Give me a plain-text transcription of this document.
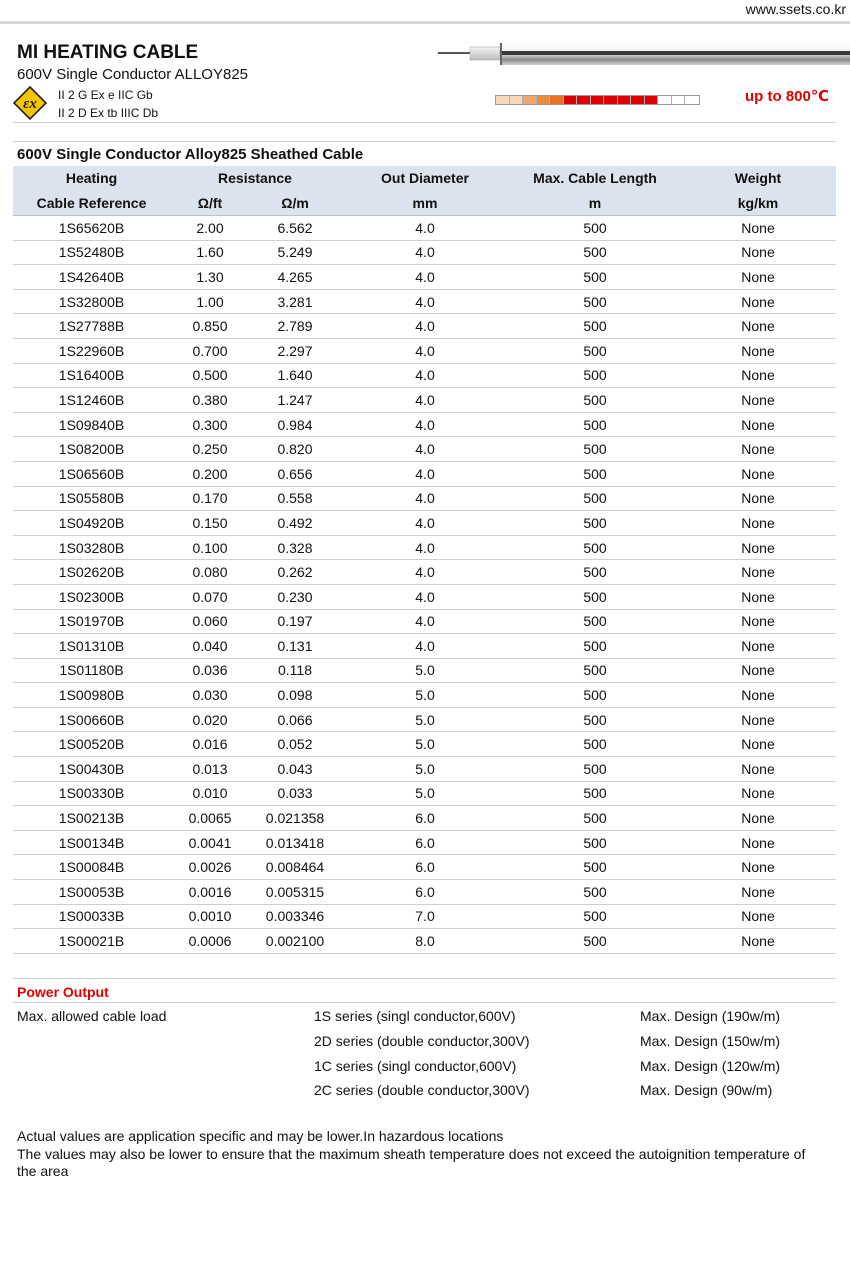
www.ssets.co.kr
MI HEATING CABLE
600V Single Conductor ALLOY825
εx
II 2 G Ex e IIC Gb
II 2 D Ex tb IIIC Db
up to 800℃
600V Single Conductor Alloy825 Sheathed Cable
Heating	Resistance		Out Diameter	Max. Cable Length	Weight
Cable Reference	Ω/ft	Ω/m	mm	m	kg/km
1S65620B	2.00	6.562	4.0	500	None
1S52480B	1.60	5.249	4.0	500	None
1S42640B	1.30	4.265	4.0	500	None
1S32800B	1.00	3.281	4.0	500	None
1S27788B	0.850	2.789	4.0	500	None
1S22960B	0.700	2.297	4.0	500	None
1S16400B	0.500	1.640	4.0	500	None
1S12460B	0.380	1.247	4.0	500	None
1S09840B	0.300	0.984	4.0	500	None
1S08200B	0.250	0.820	4.0	500	None
1S06560B	0.200	0.656	4.0	500	None
1S05580B	0.170	0.558	4.0	500	None
1S04920B	0.150	0.492	4.0	500	None
1S03280B	0.100	0.328	4.0	500	None
1S02620B	0.080	0.262	4.0	500	None
1S02300B	0.070	0.230	4.0	500	None
1S01970B	0.060	0.197	4.0	500	None
1S01310B	0.040	0.131	4.0	500	None
1S01180B	0.036	0.118	5.0	500	None
1S00980B	0.030	0.098	5.0	500	None
1S00660B	0.020	0.066	5.0	500	None
1S00520B	0.016	0.052	5.0	500	None
1S00430B	0.013	0.043	5.0	500	None
1S00330B	0.010	0.033	5.0	500	None
1S00213B	0.0065	0.021358	6.0	500	None
1S00134B	0.0041	0.013418	6.0	500	None
1S00084B	0.0026	0.008464	6.0	500	None
1S00053B	0.0016	0.005315	6.0	500	None
1S00033B	0.0010	0.003346	7.0	500	None
1S00021B	0.0006	0.002100	8.0	500	None
Power Output
Max. allowed cable load	1S series (singl conductor,600V)	Max. Design (190w/m)
2D series (double conductor,300V)	Max. Design (150w/m)
1C series (singl conductor,600V)	Max. Design (120w/m)
2C series (double conductor,300V)	Max. Design (90w/m)
Actual values are application specific and may be lower.In hazardous locations
The values may also be lower to ensure that the maximum sheath temperature does not exceed the autoignition temperature of the area
